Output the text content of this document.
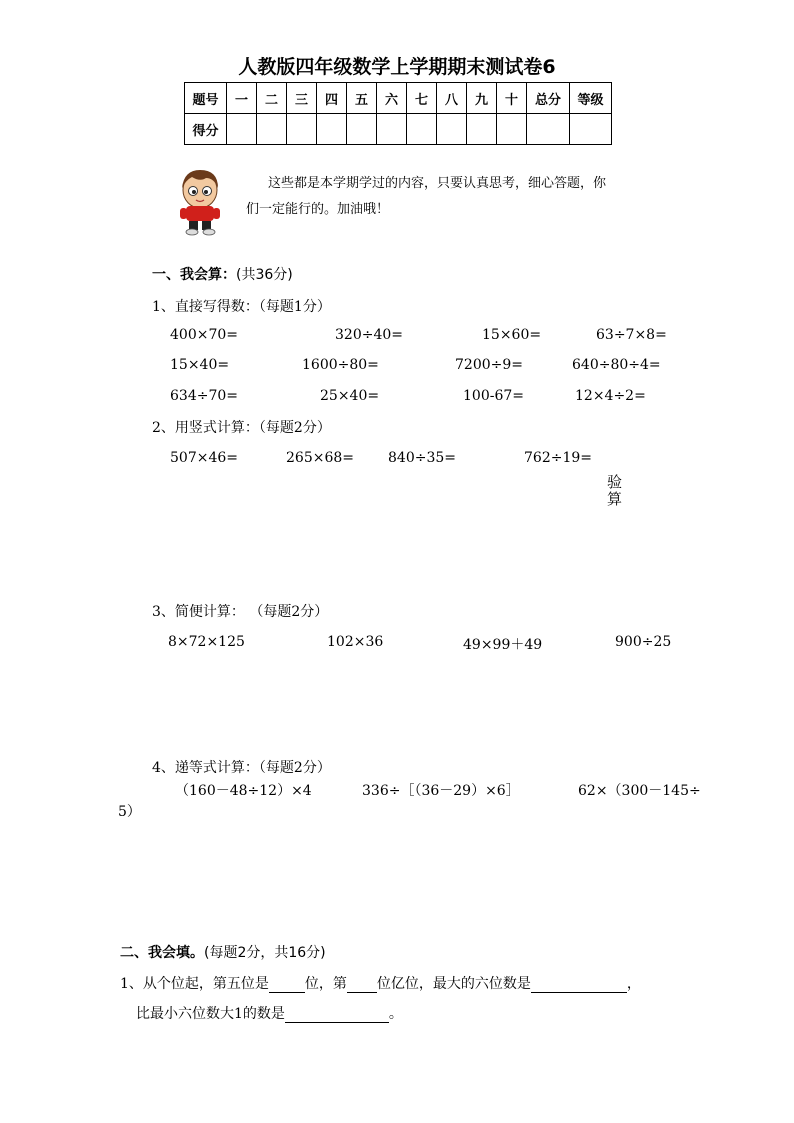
人教版四年级数学上学期期末测试卷6
题号	一	二	三	四	五	六	七	八	九	十	总分	等级
得分												
这些都是本学期学过的内容，只要认真思考，细心答题，你
们一定能行的。加油哦！
一、我会算：(共36分)
1、直接写得数：（每题1分）
400×70=	320÷40=	15×60=	63÷7×8=
15×40=	1600÷80=	7200÷9=	640÷80÷4=
634÷70=	25×40=	100-67=	12×4÷2=
2、用竖式计算：（每题2分）
507×46=	265×68= 840÷35=	762÷19=
验算
3、简便计算： （每题2分）
8×72×125	102×36	49×99＋49	900÷25
4、递等式计算：（每题2分）
（160－48÷12）×4	336÷［（36－29）×6］	62×（300－145÷
5）
二、我会填。(每题2分，共16分)
1、从个位起，第五位是	位，第 位亿位，最大的六位数是	，
比最小六位数大1的数是	。
